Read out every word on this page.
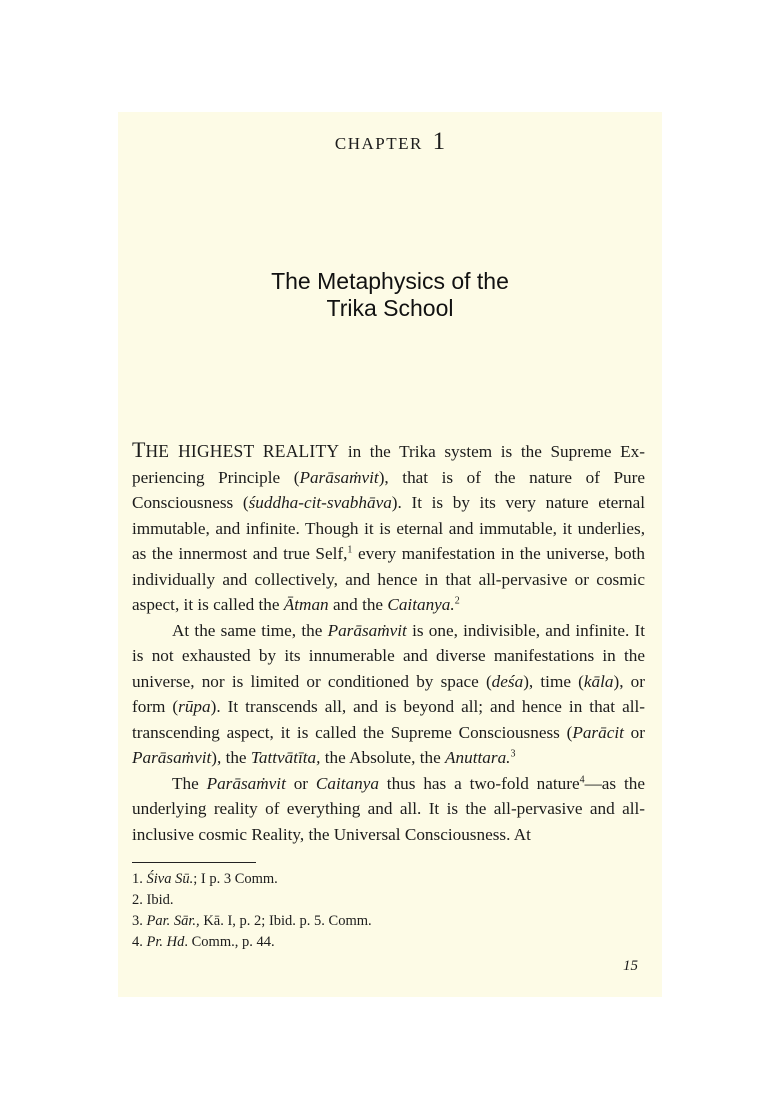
CHAPTER 1
The Metaphysics of the
Trika School

THE HIGHEST REALITY in the Trika system is the Supreme Experiencing Principle (Parāsaṁvit), that is of the nature of Pure Consciousness (śuddha-cit-svabhāva). It is by its very nature eternal immutable, and infinite. Though it is eternal and immutable, it underlies, as the innermost and true Self,$^1$ every manifestation in the universe, both individually and collectively, and hence in that all-pervasive or cosmic aspect, it is called the Ātman and the Caitanya.$^2$

At the same time, the Parāsaṁvit is one, indivisible, and infinite. It is not exhausted by its innumerable and diverse manifestations in the universe, nor is limited or conditioned by space (deśa), time (kāla), or form (rūpa). It transcends all, and is beyond all; and hence in that all-transcending aspect, it is called the Supreme Consciousness (Parācit or Parāsaṁvit), the Tattvātīta, the Absolute, the Anuttara.$^3$

The Parāsaṁvit or Caitanya thus has a two-fold nature$^4$—as the underlying reality of everything and all. It is the all-pervasive and all-inclusive cosmic Reality, the Universal Consciousness. At

1. Śiva Sū.; I p. 3 Comm.
2. Ibid.
3. Par. Sār., Kā. I, p. 2; Ibid. p. 5. Comm.
4. Pr. Hd. Comm., p. 44.
15
